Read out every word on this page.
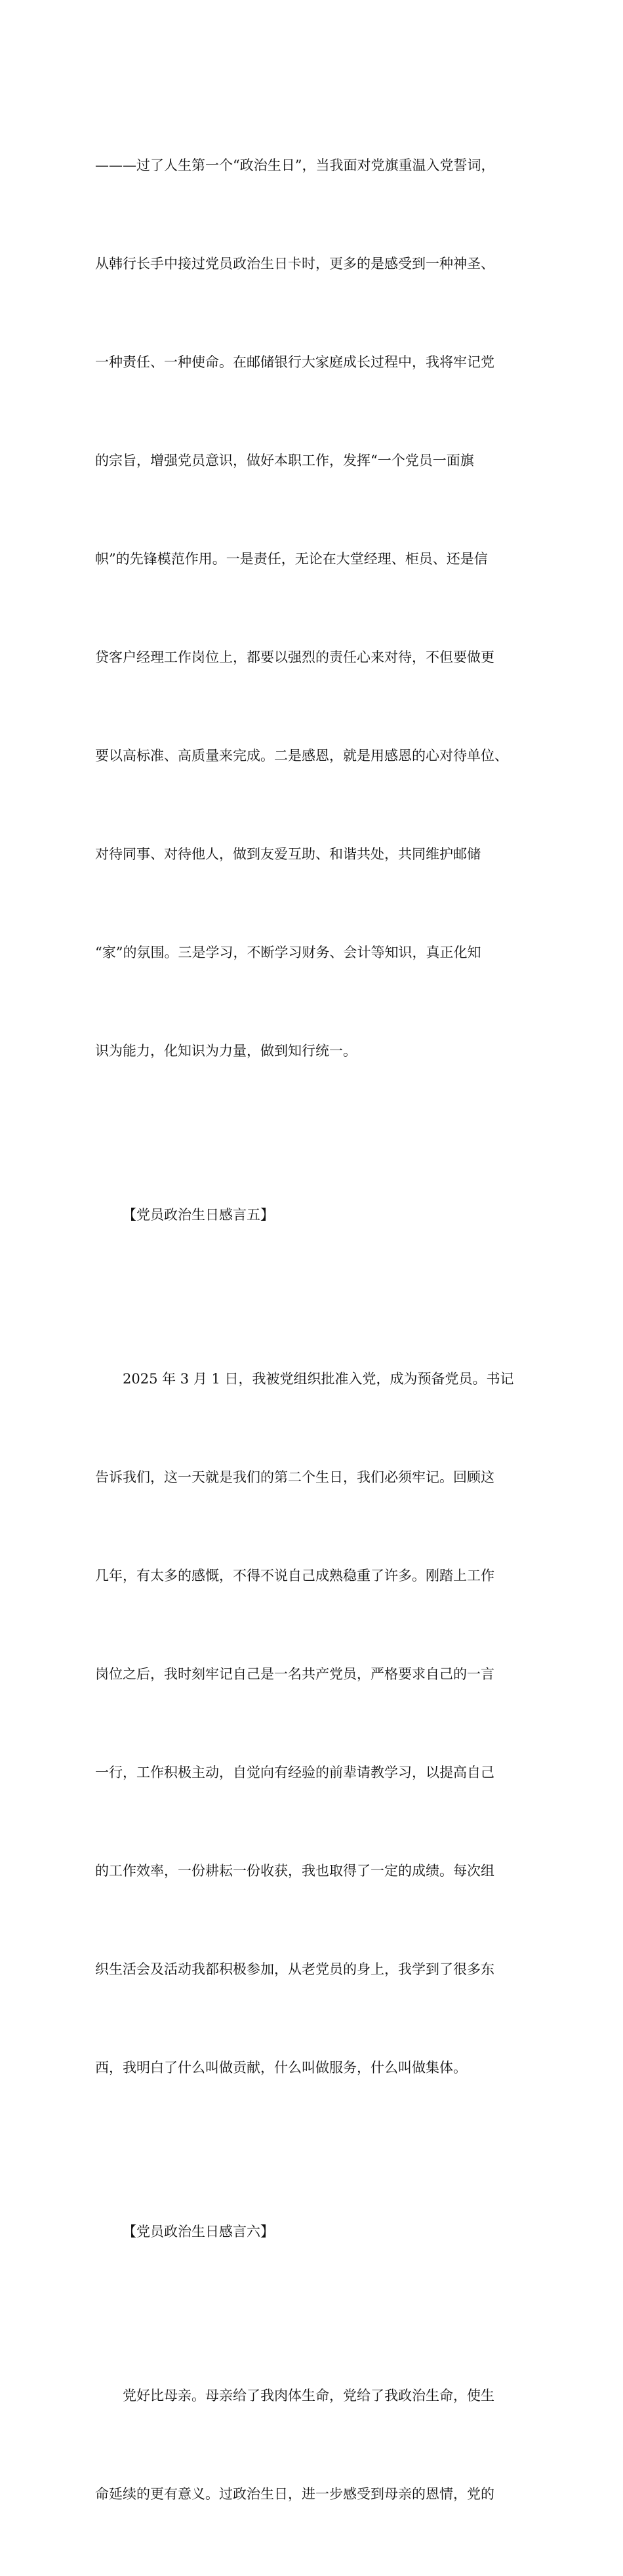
———过了人生第一个“政治生日”，当我面对党旗重温入党誓词，

从韩行长手中接过党员政治生日卡时，更多的是感受到一种神圣、

一种责任、一种使命。在邮储银行大家庭成长过程中，我将牢记党

的宗旨，增强党员意识，做好本职工作，发挥“一个党员一面旗

帜”的先锋模范作用。一是责任，无论在大堂经理、柜员、还是信

贷客户经理工作岗位上，都要以强烈的责任心来对待，不但要做更

要以高标准、高质量来完成。二是感恩，就是用感恩的心对待单位、

对待同事、对待他人，做到友爱互助、和谐共处，共同维护邮储

“家”的氛围。三是学习，不断学习财务、会计等知识，真正化知

识为能力，化知识为力量，做到知行统一。

【党员政治生日感言五】

2025 年 3 月 1 日，我被党组织批准入党，成为预备党员。书记

告诉我们，这一天就是我们的第二个生日，我们必须牢记。回顾这

几年，有太多的感慨，不得不说自己成熟稳重了许多。刚踏上工作

岗位之后，我时刻牢记自己是一名共产党员，严格要求自己的一言

一行，工作积极主动，自觉向有经验的前辈请教学习，以提高自己

的工作效率，一份耕耘一份收获，我也取得了一定的成绩。每次组

织生活会及活动我都积极参加，从老党员的身上，我学到了很多东

西，我明白了什么叫做贡献，什么叫做服务，什么叫做集体。

【党员政治生日感言六】

党好比母亲。母亲给了我肉体生命，党给了我政治生命，使生

命延续的更有意义。过政治生日，进一步感受到母亲的恩情，党的
